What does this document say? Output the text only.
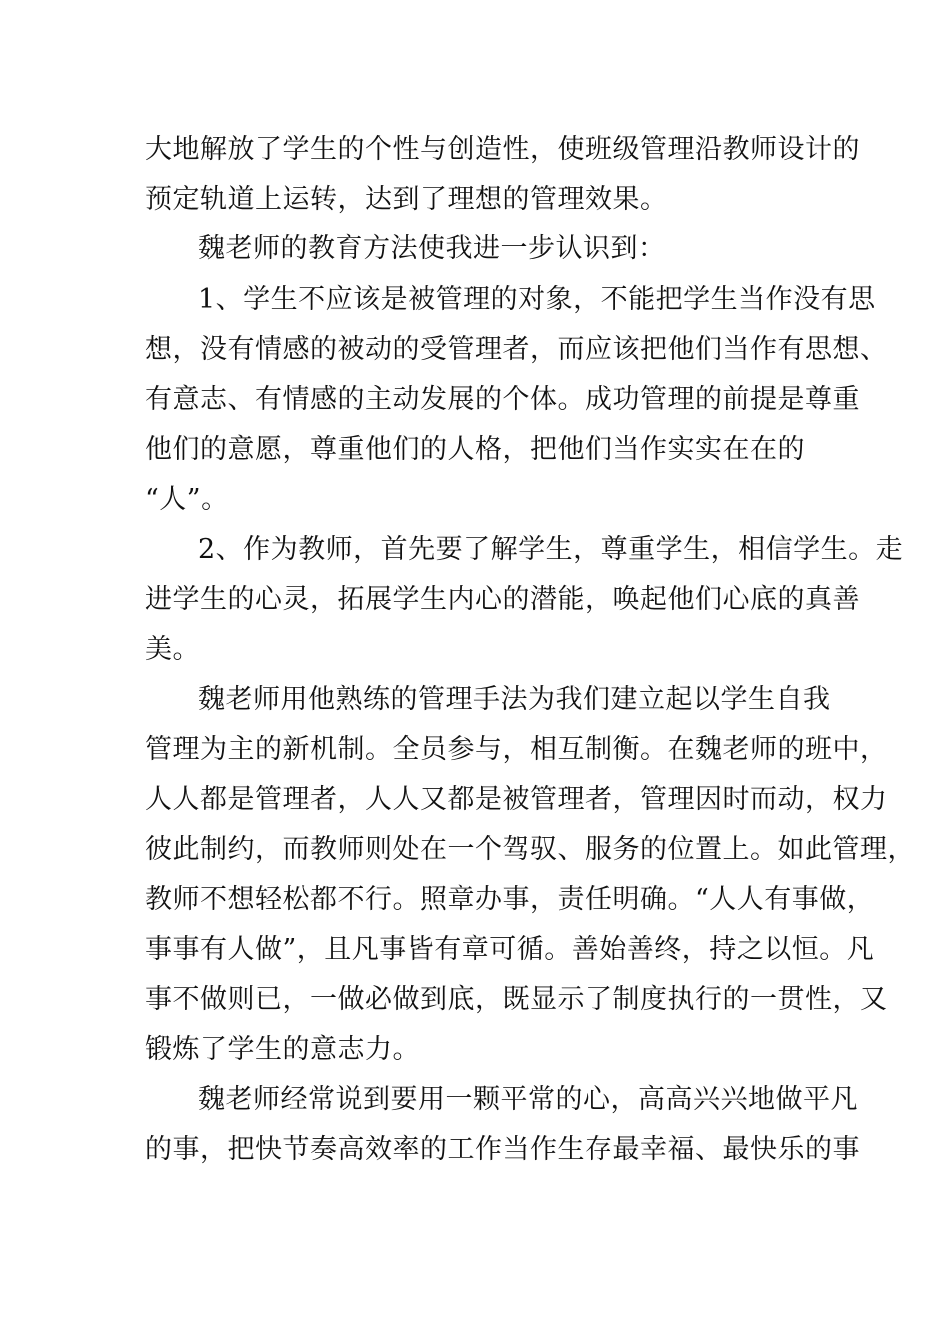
大地解放了学生的个性与创造性，使班级管理沿教师设计的
预定轨道上运转，达到了理想的管理效果。
魏老师的教育方法使我进一步认识到：
1、学生不应该是被管理的对象，不能把学生当作没有思
想，没有情感的被动的受管理者，而应该把他们当作有思想、
有意志、有情感的主动发展的个体。成功管理的前提是尊重
他们的意愿，尊重他们的人格，把他们当作实实在在的
“人”。
2、作为教师，首先要了解学生，尊重学生，相信学生。走
进学生的心灵，拓展学生内心的潜能，唤起他们心底的真善
美。
魏老师用他熟练的管理手法为我们建立起以学生自我
管理为主的新机制。全员参与，相互制衡。在魏老师的班中，
人人都是管理者，人人又都是被管理者，管理因时而动，权力
彼此制约，而教师则处在一个驾驭、服务的位置上。如此管理，
教师不想轻松都不行。照章办事，责任明确。“人人有事做，
事事有人做”，且凡事皆有章可循。善始善终，持之以恒。凡
事不做则已，一做必做到底，既显示了制度执行的一贯性，又
锻炼了学生的意志力。
魏老师经常说到要用一颗平常的心，高高兴兴地做平凡
的事，把快节奏高效率的工作当作生存最幸福、最快乐的事
